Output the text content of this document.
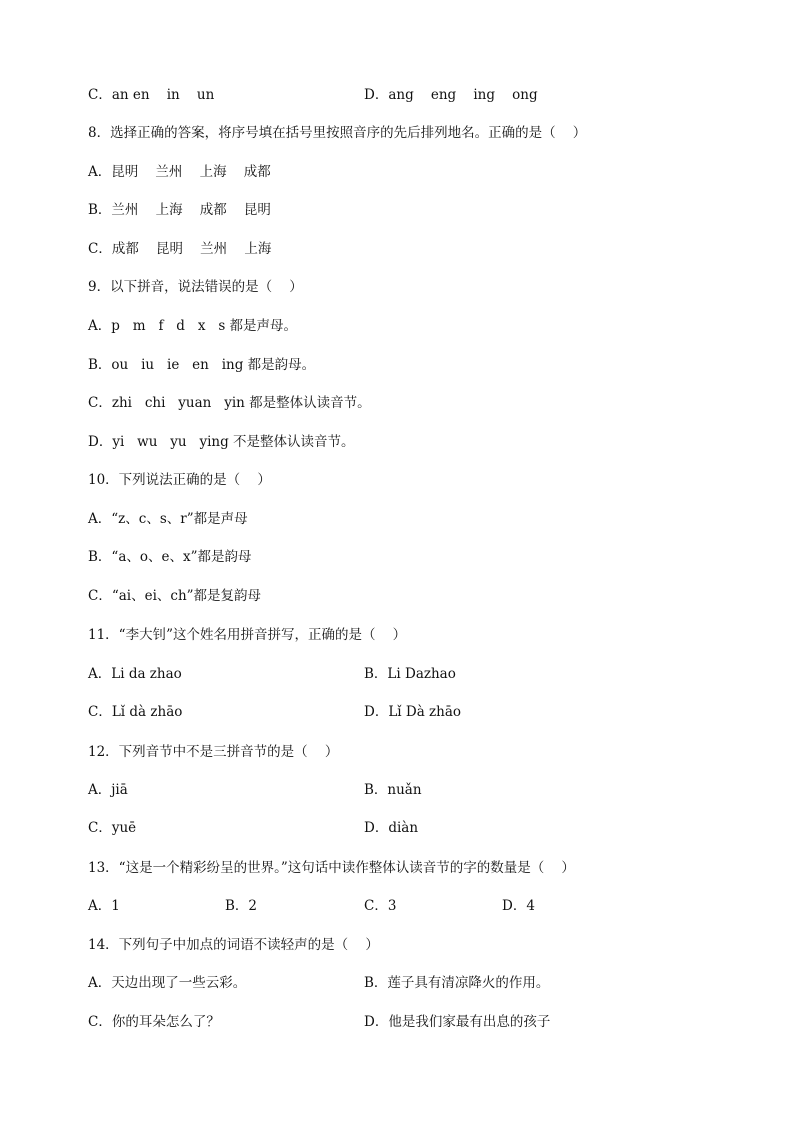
C．an en    in    un	D．ang    eng    ing    ong
8．选择正确的答案，将序号填在括号里按照音序的先后排列地名。正确的是（    ）
A．昆明    兰州    上海    成都
B．兰州    上海    成都    昆明
C．成都    昆明    兰州    上海
9．以下拼音，说法错误的是（    ）
A．p   m   f   d   x   s 都是声母。
B．ou   iu   ie   en   ing 都是韵母。
C．zhi   chi   yuan   yin 都是整体认读音节。
D．yi   wu   yu   ying 不是整体认读音节。
10．下列说法正确的是（    ）
A．“z、c、s、r”都是声母
B．“a、o、e、x”都是韵母
C．“ai、ei、ch”都是复韵母
11．“李大钊”这个姓名用拼音拼写，正确的是（    ）
A．Li da zhao	B．Li Dazhao
C．Lǐ dà zhāo	D．Lǐ Dà zhāo
12．下列音节中不是三拼音节的是（    ）
A．jiā	B．nuǎn
C．yuē	D．diàn
13．“这是一个精彩纷呈的世界。”这句话中读作整体认读音节的字的数量是（    ）
A．1	B．2	C．3	D．4
14．下列句子中加点的词语不读轻声的是（    ）
A．天边出现了一些云彩。	B．莲子具有清凉降火的作用。
C．你的耳朵怎么了？	D．他是我们家最有出息的孩子
